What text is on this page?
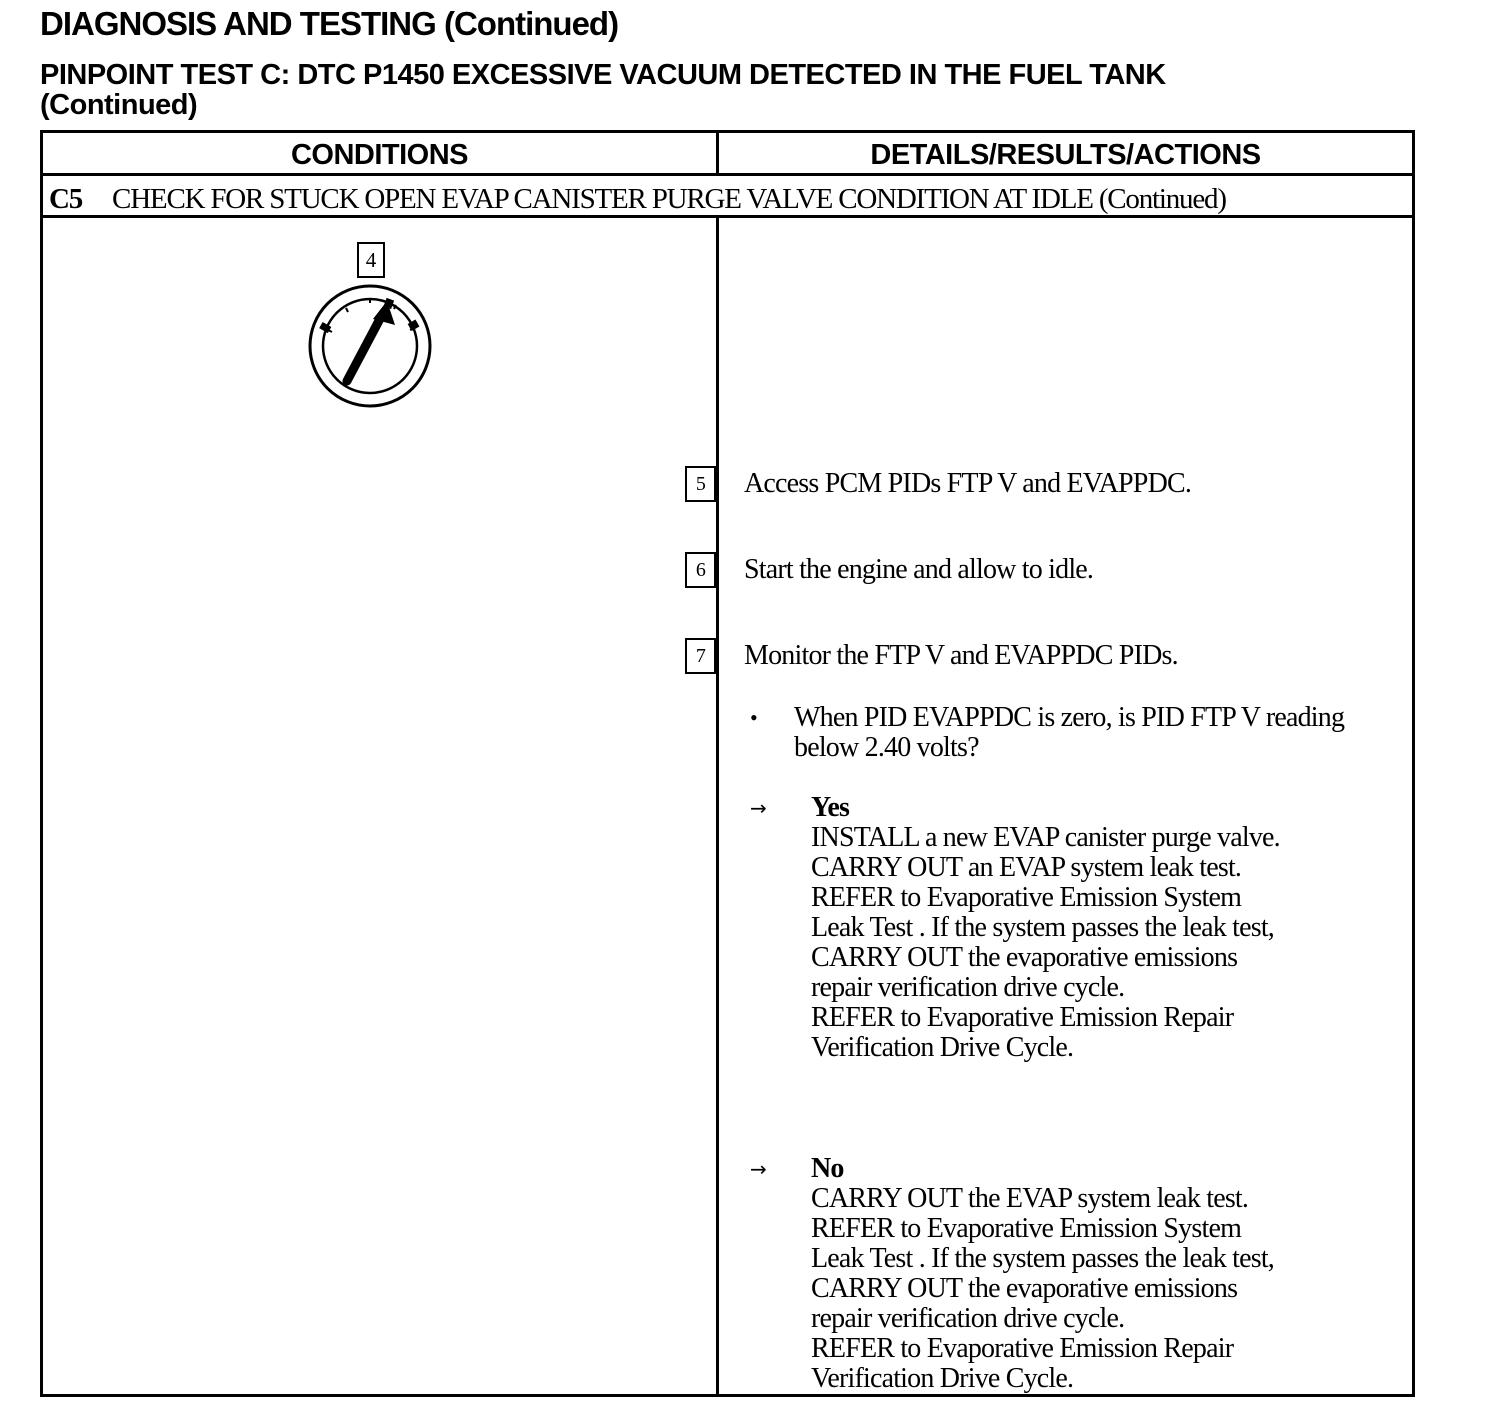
DIAGNOSIS AND TESTING (Continued)
PINPOINT TEST C: DTC P1450 EXCESSIVE VACUUM DETECTED IN THE FUEL TANK
(Continued)
CONDITIONS	DETAILS/RESULTS/ACTIONS
C5 CHECK FOR STUCK OPEN EVAP CANISTER PURGE VALVE CONDITION AT IDLE (Continued)
4
5 Access PCM PIDs FTP V and EVAPPDC.
6 Start the engine and allow to idle.
7 Monitor the FTP V and EVAPPDC PIDs.
• When PID EVAPPDC is zero, is PID FTP V reading below 2.40 volts?
→ Yes
INSTALL a new EVAP canister purge valve.
CARRY OUT an EVAP system leak test.
REFER to Evaporative Emission System
Leak Test . If the system passes the leak test,
CARRY OUT the evaporative emissions
repair verification drive cycle.
REFER to Evaporative Emission Repair
Verification Drive Cycle.
→ No
CARRY OUT the EVAP system leak test.
REFER to Evaporative Emission System
Leak Test . If the system passes the leak test,
CARRY OUT the evaporative emissions
repair verification drive cycle.
REFER to Evaporative Emission Repair
Verification Drive Cycle.
